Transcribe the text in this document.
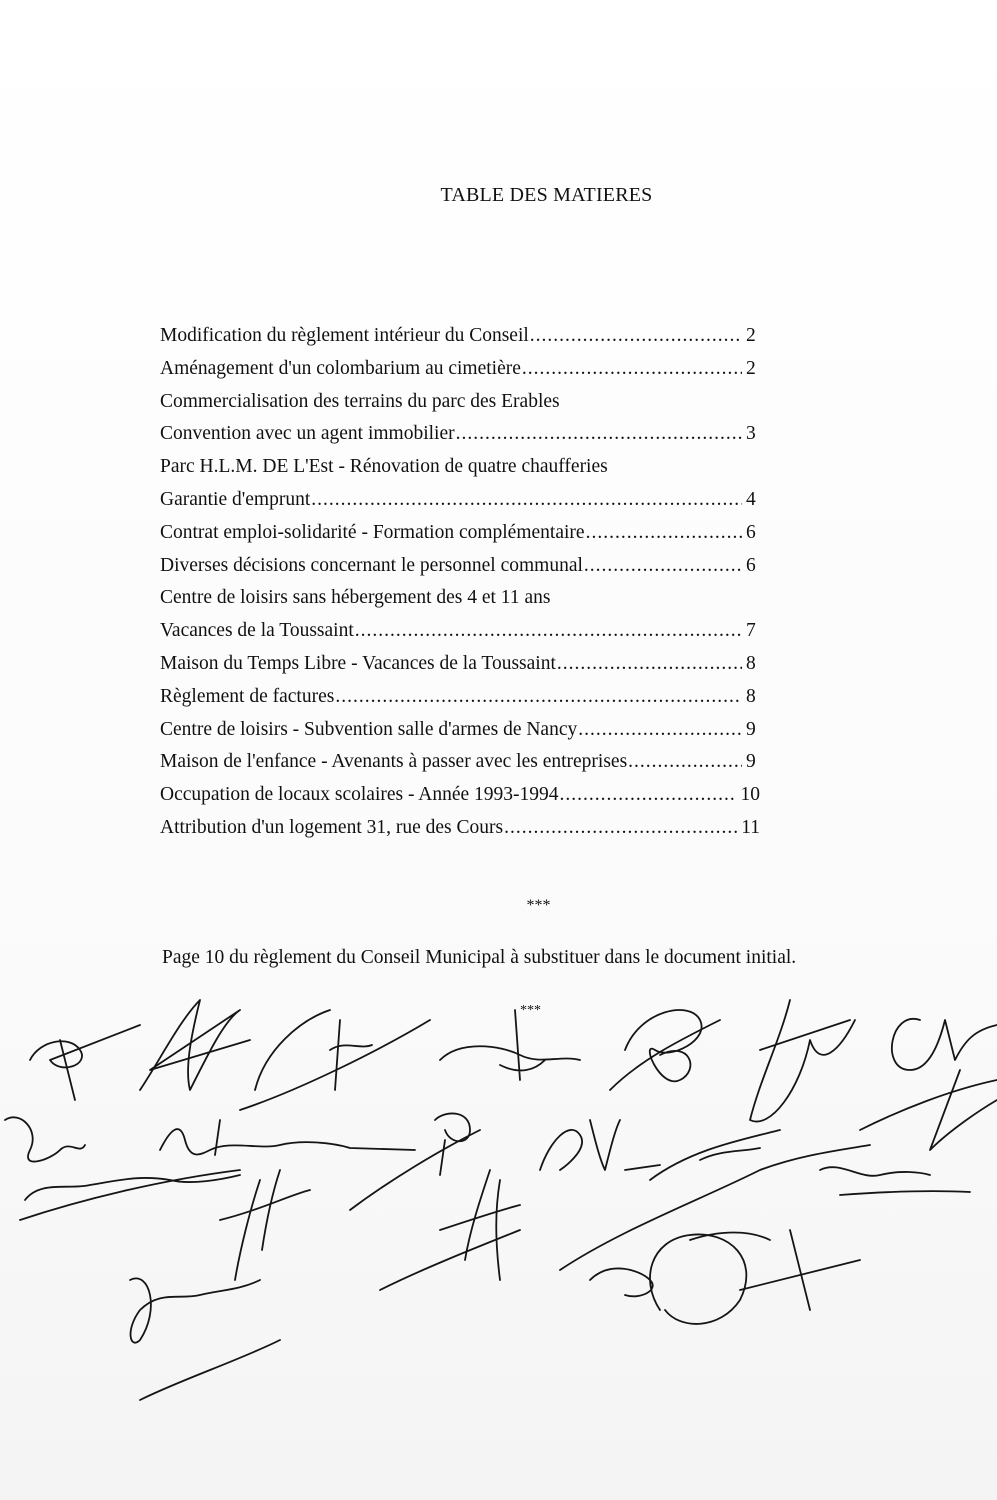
TABLE DES MATIERES
Modification du règlement intérieur du Conseil .....	2
Aménagement d'un colombarium au cimetière .....	2
Commercialisation des terrains du parc des Erables
Convention avec un agent immobilier .....	3
Parc H.L.M. DE L'Est - Rénovation de quatre chaufferies
Garantie d'emprunt .....	4
Contrat emploi-solidarité - Formation complémentaire .....	6
Diverses décisions concernant le personnel communal .....	6
Centre de loisirs sans hébergement des 4 et 11 ans
Vacances de la Toussaint .....	7
Maison du Temps Libre - Vacances de la Toussaint .....	8
Règlement de factures .....	8
Centre de loisirs - Subvention salle d'armes de Nancy .....	9
Maison de l'enfance - Avenants à passer avec les entreprises .....	9
Occupation de locaux scolaires - Année 1993-1994 .....	10
Attribution d'un logement 31, rue des Cours .....	11
***
Page 10 du règlement du Conseil Municipal à substituer dans le document initial.
***
